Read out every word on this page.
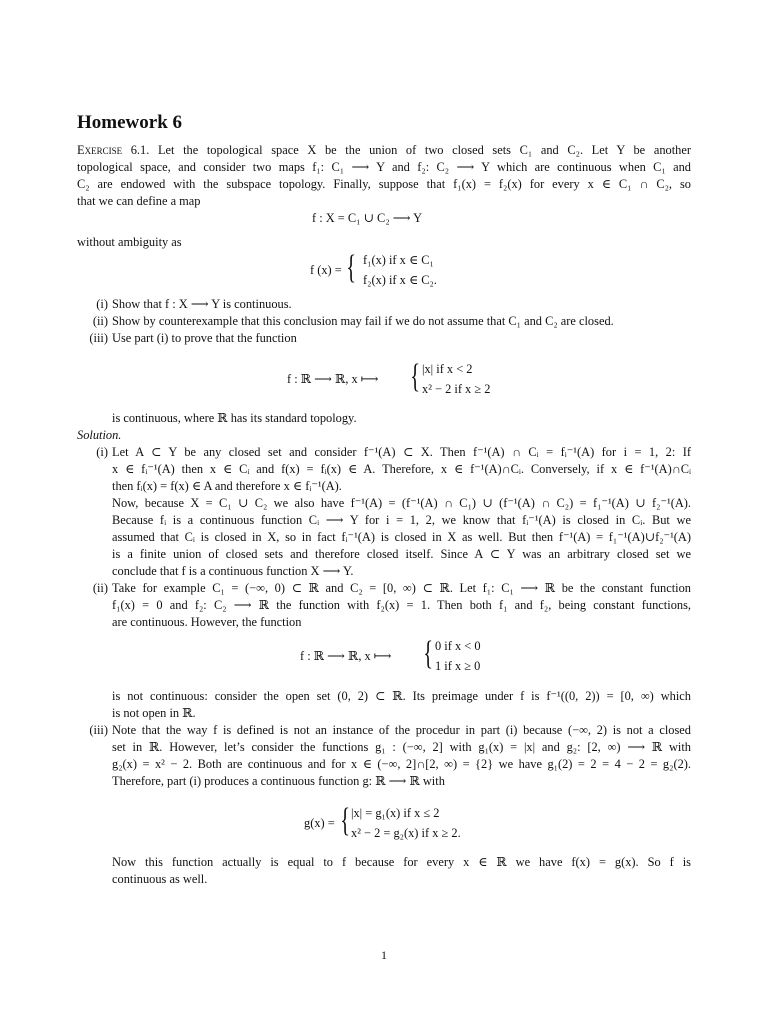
Homework 6
Exercise 6.1. Let the topological space X be the union of two closed sets C₁ and C₂. Let Y be another
topological space, and consider two maps f₁: C₁ ⟶ Y and f₂: C₂ ⟶ Y which are continuous when C₁ and
C₂ are endowed with the subspace topology. Finally, suppose that f₁(x) = f₂(x) for every x ∈ C₁ ∩ C₂, so
that we can define a map
f : X = C₁ ∪ C₂ ⟶ Y
without ambiguity as
f (x) = { f₁(x) if x ∈ C₁
f₂(x) if x ∈ C₂.
(i) Show that f : X ⟶ Y is continuous.
(ii) Show by counterexample that this conclusion may fail if we do not assume that C₁ and C₂ are closed.
(iii) Use part (i) to prove that the function
f : ℝ ⟶ ℝ, x ⟼ { |x| if x < 2
x² − 2 if x ≥ 2
is continuous, where ℝ has its standard topology.
Solution.
(i) Let A ⊂ Y be any closed set and consider f⁻¹(A) ⊂ X. Then f⁻¹(A) ∩ Cᵢ = fᵢ⁻¹(A) for i = 1, 2: If
x ∈ fᵢ⁻¹(A) then x ∈ Cᵢ and f(x) = fᵢ(x) ∈ A. Therefore, x ∈ f⁻¹(A)∩Cᵢ. Conversely, if x ∈ f⁻¹(A)∩Cᵢ
then fᵢ(x) = f(x) ∈ A and therefore x ∈ fᵢ⁻¹(A).
Now, because X = C₁ ∪ C₂ we also have f⁻¹(A) = (f⁻¹(A) ∩ C₁) ∪ (f⁻¹(A) ∩ C₂) = f₁⁻¹(A) ∪ f₂⁻¹(A).
Because fᵢ is a continuous function Cᵢ ⟶ Y for i = 1, 2, we know that fᵢ⁻¹(A) is closed in Cᵢ. But we
assumed that Cᵢ is closed in X, so in fact fᵢ⁻¹(A) is closed in X as well. But then f⁻¹(A) = f₁⁻¹(A)∪f₂⁻¹(A)
is a finite union of closed sets and therefore closed itself. Since A ⊂ Y was an arbitrary closed set we
conclude that f is a continuous function X ⟶ Y.
(ii) Take for example C₁ = (−∞, 0) ⊂ ℝ and C₂ = [0, ∞) ⊂ ℝ. Let f₁: C₁ ⟶ ℝ be the constant function
f₁(x) = 0 and f₂: C₂ ⟶ ℝ the function with f₂(x) = 1. Then both f₁ and f₂, being constant functions,
are continuous. However, the function
f : ℝ ⟶ ℝ, x ⟼ { 0 if x < 0
1 if x ≥ 0
is not continuous: consider the open set (0, 2) ⊂ ℝ. Its preimage under f is f⁻¹((0, 2)) = [0, ∞) which
is not open in ℝ.
(iii) Note that the way f is defined is not an instance of the procedur in part (i) because (−∞, 2) is not a closed
set in ℝ. However, let’s consider the functions g₁ : (−∞, 2] with g₁(x) = |x| and g₂: [2, ∞) ⟶ ℝ with
g₂(x) = x² − 2. Both are continuous and for x ∈ (−∞, 2]∩[2, ∞) = {2} we have g₁(2) = 2 = 4 − 2 = g₂(2).
Therefore, part (i) produces a continuous function g: ℝ ⟶ ℝ with
g(x) = { |x| = g₁(x) if x ≤ 2
x² − 2 = g₂(x) if x ≥ 2.
Now this function actually is equal to f because for every x ∈ ℝ we have f(x) = g(x). So f is
continuous as well.
1
